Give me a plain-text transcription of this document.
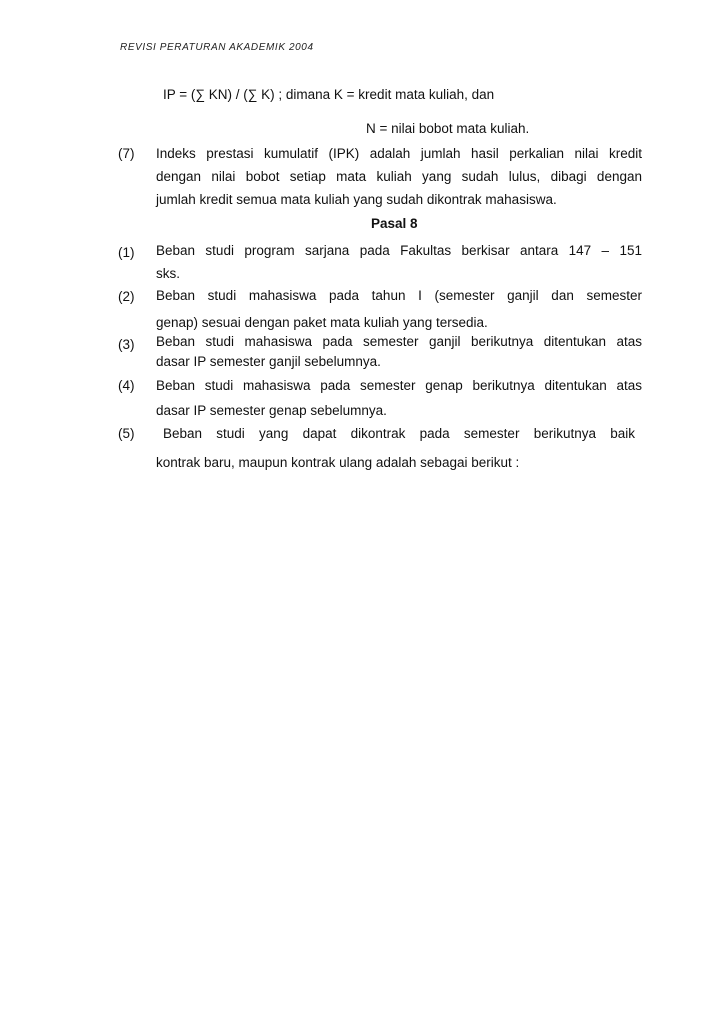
REVISI PERATURAN AKADEMIK 2004
IP = (∑ KN) / (∑ K) ; dimana K = kredit mata kuliah, dan
N = nilai bobot mata kuliah.
(7) Indeks prestasi kumulatif (IPK) adalah jumlah hasil perkalian nilai kredit
dengan nilai bobot setiap mata kuliah yang sudah lulus, dibagi dengan
jumlah kredit semua mata kuliah yang sudah dikontrak mahasiswa.
Pasal 8
(1) Beban studi program sarjana pada Fakultas berkisar antara 147 – 151
sks.
(2) Beban studi mahasiswa pada tahun I (semester ganjil dan semester
genap) sesuai dengan paket mata kuliah yang tersedia.
(3) Beban studi mahasiswa pada semester ganjil berikutnya ditentukan atas
dasar IP semester ganjil sebelumnya.
(4) Beban studi mahasiswa pada semester genap berikutnya ditentukan atas
dasar IP semester genap sebelumnya.
(5) Beban studi yang dapat dikontrak pada semester berikutnya baik
kontrak baru, maupun kontrak ulang adalah sebagai berikut :
